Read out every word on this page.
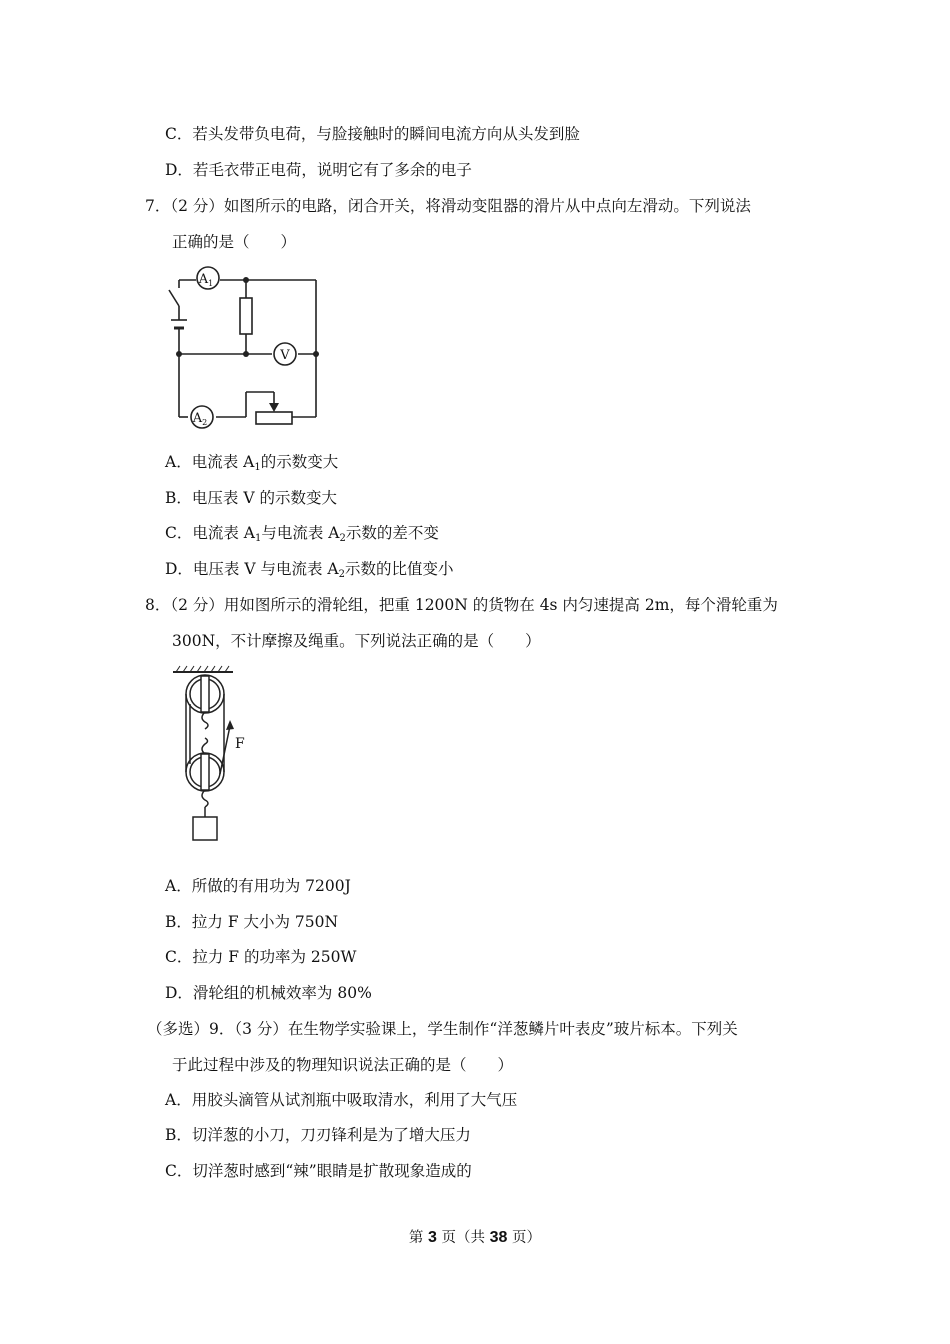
C．若头发带负电荷，与脸接触时的瞬间电流方向从头发到脸
D．若毛衣带正电荷，说明它有了多余的电子
7．（2 分）如图所示的电路，闭合开关，将滑动变阻器的滑片从中点向左滑动。下列说法
正确的是（　　）
$A_1$
V
$A_2$
A．电流表 $A_1$的示数变大
B．电压表 V 的示数变大
C．电流表 $A_1$与电流表 $A_2$示数的差不变
D．电压表 V 与电流表 $A_2$示数的比值变小
8．（2 分）用如图所示的滑轮组，把重 1200N 的货物在 4s 内匀速提高 2m，每个滑轮重为
300N，不计摩擦及绳重。下列说法正确的是（　　）
F
A．所做的有用功为 7200J
B．拉力 F 大小为 750N
C．拉力 F 的功率为 250W
D．滑轮组的机械效率为 80%
（多选）9．（3 分）在生物学实验课上，学生制作“洋葱鳞片叶表皮”玻片标本。下列关
于此过程中涉及的物理知识说法正确的是（　　）
A．用胶头滴管从试剂瓶中吸取清水，利用了大气压
B．切洋葱的小刀，刀刃锋利是为了增大压力
C．切洋葱时感到“辣”眼睛是扩散现象造成的
第 3 页（共 38 页）
